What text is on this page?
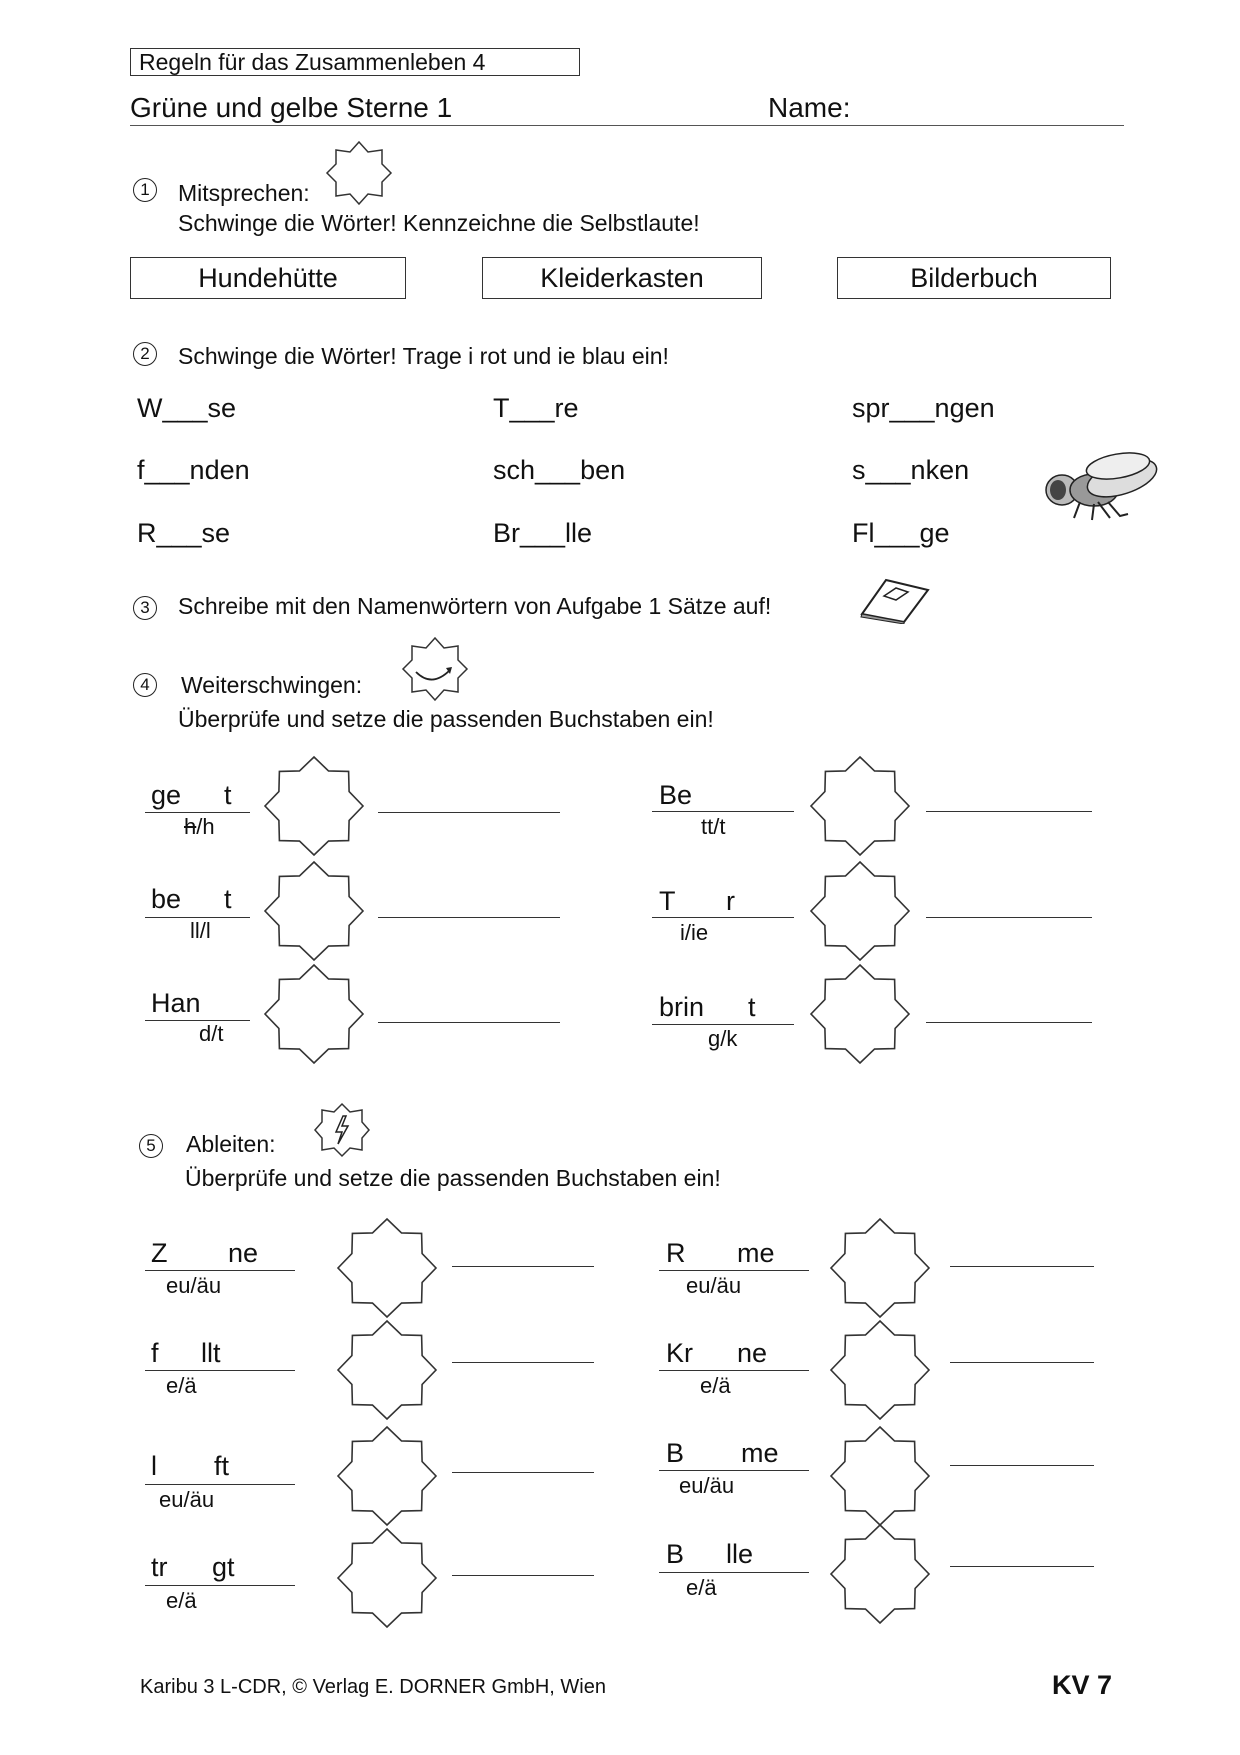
Regeln für das Zusammenleben 4
Grüne und gelbe Sterne 1	Name:
1	Mitsprechen:
Schwinge die Wörter! Kennzeichne die Selbstlaute!
Hundehütte	Kleiderkasten	Bilderbuch
2	Schwinge die Wörter! Trage i rot und ie blau ein!
W___se	T___re	spr___ngen
f___nden	sch___ben	s___nken
R___se	Br___lle	Fl___ge
3	Schreibe mit den Namenwörtern von Aufgabe 1 Sätze auf!
4	Weiterschwingen:
Überprüfe und setze die passenden Buchstaben ein!
ge t
h/h
be t
ll/l
Han
d/t
Be
tt/t
T r
i/ie
brin t
g/k
5	Ableiten:
Überprüfe und setze die passenden Buchstaben ein!
Z ne
eu/äu
f llt
e/ä
l ft
eu/äu
tr gt
e/ä
R me
eu/äu
Kr ne
e/ä
B me
eu/äu
B lle
e/ä
Karibu 3 L-CDR, © Verlag E. DORNER GmbH, Wien	KV 7
